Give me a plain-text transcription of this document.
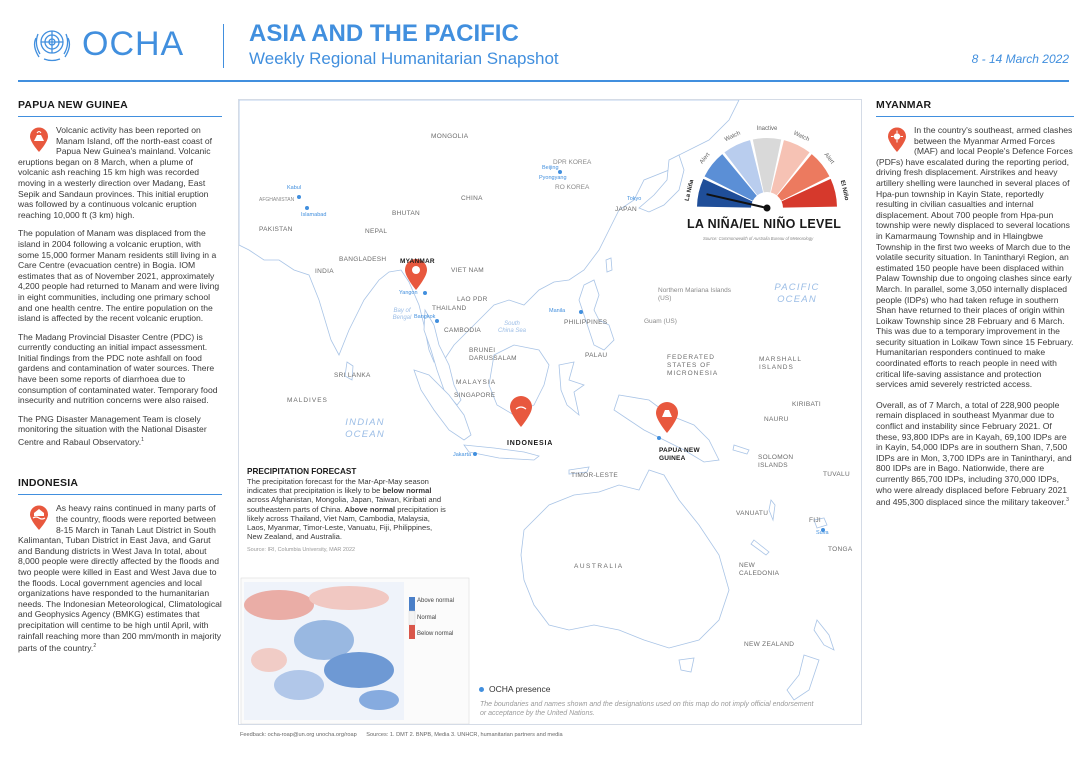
OCHA	ASIA AND THE PACIFIC
Weekly Regional Humanitarian Snapshot	8 - 14 March 2022
PAPUA NEW GUINEA

Volcanic activity has been reported on Manam Island, off the north-east coast of Papua New Guinea's mainland. Volcanic eruptions began on 8 March, when a plume of volcanic ash reaching 15 km high was recorded moving in a westerly direction over Madang, East Sepik and Sandaun provinces. This initial eruption was followed by a continuous volcanic eruption reaching 10,000 ft (3 km) high.

The population of Manam was displaced from the island in 2004 following a volcanic eruption, with some 15,000 former Manam residents still living in a Care Centre (evacuation centre) in Bogia. IOM estimates that as of November 2021, approximately 4,200 people had returned to Manam and were living in eight communities, including one primary school and one health centre. The entire population on the island is affected by the recent volcanic eruption.

The Madang Provincial Disaster Centre (PDC) is currently conducting an initial impact assessment. Initial findings from the PDC note ashfall on food gardens and contamination of water sources. There have been some reports of diarrhoea due to consumption of contaminated water. Temporary food insecurity and nutrition concerns were also raised.

The PNG Disaster Management Team is closely monitoring the situation with the National Disaster Centre and Rabaul Observatory.$^1$

INDONESIA

As heavy rains continued in many parts of the country, floods were reported between 8-15 March in Tanah Laut District in South Kalimantan, Tuban District in East Java, and Garut and Bandung districts in West Java In total, about 8,000 people were directly affected by the floods and two people were killed in East and West Java due to the floods. Local government agencies and local organizations have responded to the humanitarian needs. The Indonesian Meteorological, Climatological and Geophysics Agency (BMKG) estimates that precipitation will centime to be high until April, with rainfall reaching more than 200 mm/month in majority parts of the country.$^2$

La Niña
Alert
Watch
Inactive
Watch
Alert
El Niño
MONGOLIA
CHINA
AFGHANISTAN
PAKISTAN
INDIA
BHUTAN
NEPAL
BANGLADESH MYANMAR
VIET NAM
THAILAND
LAO PDR
CAMBODIA
SRI LANKA
MALDIVES
MALAYSIA
SINGAPORE
BRUNEI DARUSSALAM
PHILIPPINES
INDONESIA
TIMOR-LESTE
PAPUA NEW GUINEA
AUSTRALIA
NEW ZEALAND
DPR KOREA
RO KOREA
JAPAN
PALAU	FEDERATED STATES OF MICRONESIA
MARSHALL ISLANDS
KIRIBATI
NAURU
SOLOMON ISLANDS
TUVALU
VANUATU
FIJI
TONGA
NEW CALEDONIA
Northern Mariana Islands (US)
Guam (US)
INDIAN OCEAN
PACIFIC OCEAN
Bay of Bengal
South China Sea
Kabul
Islamabad
Yangon
Bangkok
Manila
Jakarta
Beijing
Tokyo
Suva
Pyongyang
PRECIPITATION FORECAST
The precipitation forecast for the Mar-Apr-May season indicates that precipitation is likely to be below normal across Afghanistan, Mongolia, Japan, Taiwan, Kiribati and southeastern parts of China. Above normal precipitation is likely across Thailand, Viet Nam, Cambodia, Malaysia, Laos, Myanmar, Timor-Leste, Vanuatu, Fiji, Philippines, New Zealand, and Australia.
Source: IRI, Columbia University, MAR 2022
Above normal
Normal
Below normal
LA NIÑA/EL NIÑO LEVEL
Source: Commonwealth of Australia Bureau of Meteorology
OCHA presence
The boundaries and names shown and the designations used on this map do not imply official endorsement or acceptance by the United Nations.
MYANMAR

In the country's southeast, armed clashes between the Myanmar Armed Forces (MAF) and local People's Defence Forces (PDFs) have escalated during the reporting period, driving fresh displacement. Airstrikes and heavy artillery shelling were launched in several places of Hpa-pun township in Kayin State, reportedly resulting in civilian casualties and internal displacement. About 700 people from Hpa-pun township were newly displaced to several locations in Kamarmaung Township and in Hlaingbwe Township in the first two weeks of March due to the volatile security situation. In Tanintharyi Region, an estimated 150 people have been displaced within Palaw Township due to ongoing clashes since early March. In parallel, some 3,050 internally displaced people (IDPs) who had taken refuge in southern Shan have returned to their places of origin within Loikaw Township since 28 February and 6 March. This was due to a temporary improvement in the security situation in Loikaw Town since 15 February. Humanitarian responders continued to make coordinated efforts to reach people in need with critical life-saving assistance and protection services amid severely restricted access.

Overall, as of 7 March, a total of 228,900 people remain displaced in southeast Myanmar due to conflict and instability since February 2021. Of these, 93,800 IDPs are in Kayah, 69,100 IDPs are in Kayin, 54,000 IDPs are in southern Shan, 7,500 IDPs are in Mon, 3,700 IDPs are in Tanintharyi, and 800 IDPs are in Bago. Nationwide, there are currently 865,700 IDPs, including 370,000 IDPs, who were already displaced before February 2021 and 495,300 displaced since the military takeover.$^3$

Feedback: ocha-roap@un.org unocha.org/roap Sources: 1. DMT 2. BNPB, Media 3. UNHCR, humanitarian partners and media
